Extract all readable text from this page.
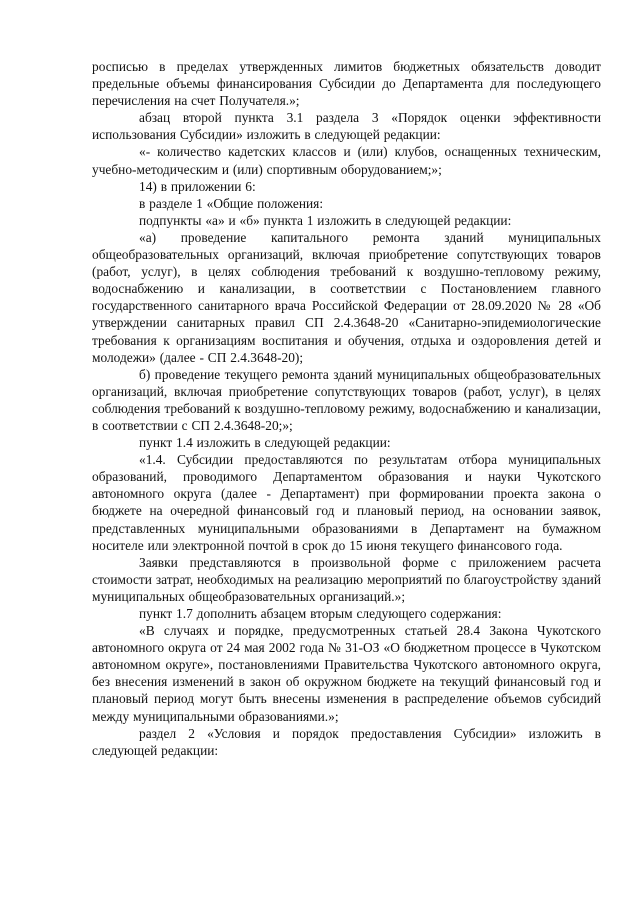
росписью в пределах утвержденных лимитов бюджетных обязательств доводит предельные объемы финансирования Субсидии до Департамента для последующего перечисления на счет Получателя.»;

абзац второй пункта 3.1 раздела 3 «Порядок оценки эффективности использования Субсидии» изложить в следующей редакции:

«- количество кадетских классов и (или) клубов, оснащенных техническим, учебно-методическим и (или) спортивным оборудованием;»;

14) в приложении 6:

в разделе 1 «Общие положения:

подпункты «а» и «б» пункта 1 изложить в следующей редакции:

«а) проведение капитального ремонта зданий муниципальных общеобразовательных организаций, включая приобретение сопутствующих товаров (работ, услуг), в целях соблюдения требований к воздушно-тепловому режиму, водоснабжению и канализации, в соответствии с Постановлением главного государственного санитарного врача Российской Федерации от 28.09.2020 № 28 «Об утверждении санитарных правил СП 2.4.3648-20 «Санитарно-эпидемиологические требования к организациям воспитания и обучения, отдыха и оздоровления детей и молодежи» (далее - СП 2.4.3648-20);

б) проведение текущего ремонта зданий муниципальных общеобразовательных организаций, включая приобретение сопутствующих товаров (работ, услуг), в целях соблюдения требований к воздушно-тепловому режиму, водоснабжению и канализации, в соответствии с СП 2.4.3648-20;»;

пункт 1.4 изложить в следующей редакции:

«1.4. Субсидии предоставляются по результатам отбора муниципальных образований, проводимого Департаментом образования и науки Чукотского автономного округа (далее - Департамент) при формировании проекта закона о бюджете на очередной финансовый год и плановый период, на основании заявок, представленных муниципальными образованиями в Департамент на бумажном носителе или электронной почтой в срок до 15 июня текущего финансового года.

Заявки представляются в произвольной форме с приложением расчета стоимости затрат, необходимых на реализацию мероприятий по благоустройству зданий муниципальных общеобразовательных организаций.»;

пункт 1.7 дополнить абзацем вторым следующего содержания:

«В случаях и порядке, предусмотренных статьей 28.4 Закона Чукотского автономного округа от 24 мая 2002 года № 31-ОЗ «О бюджетном процессе в Чукотском автономном округе», постановлениями Правительства Чукотского автономного округа, без внесения изменений в закон об окружном бюджете на текущий финансовый год и плановый период могут быть внесены изменения в распределение объемов субсидий между муниципальными образованиями.»;

раздел 2 «Условия и порядок предоставления Субсидии» изложить в следующей редакции:
